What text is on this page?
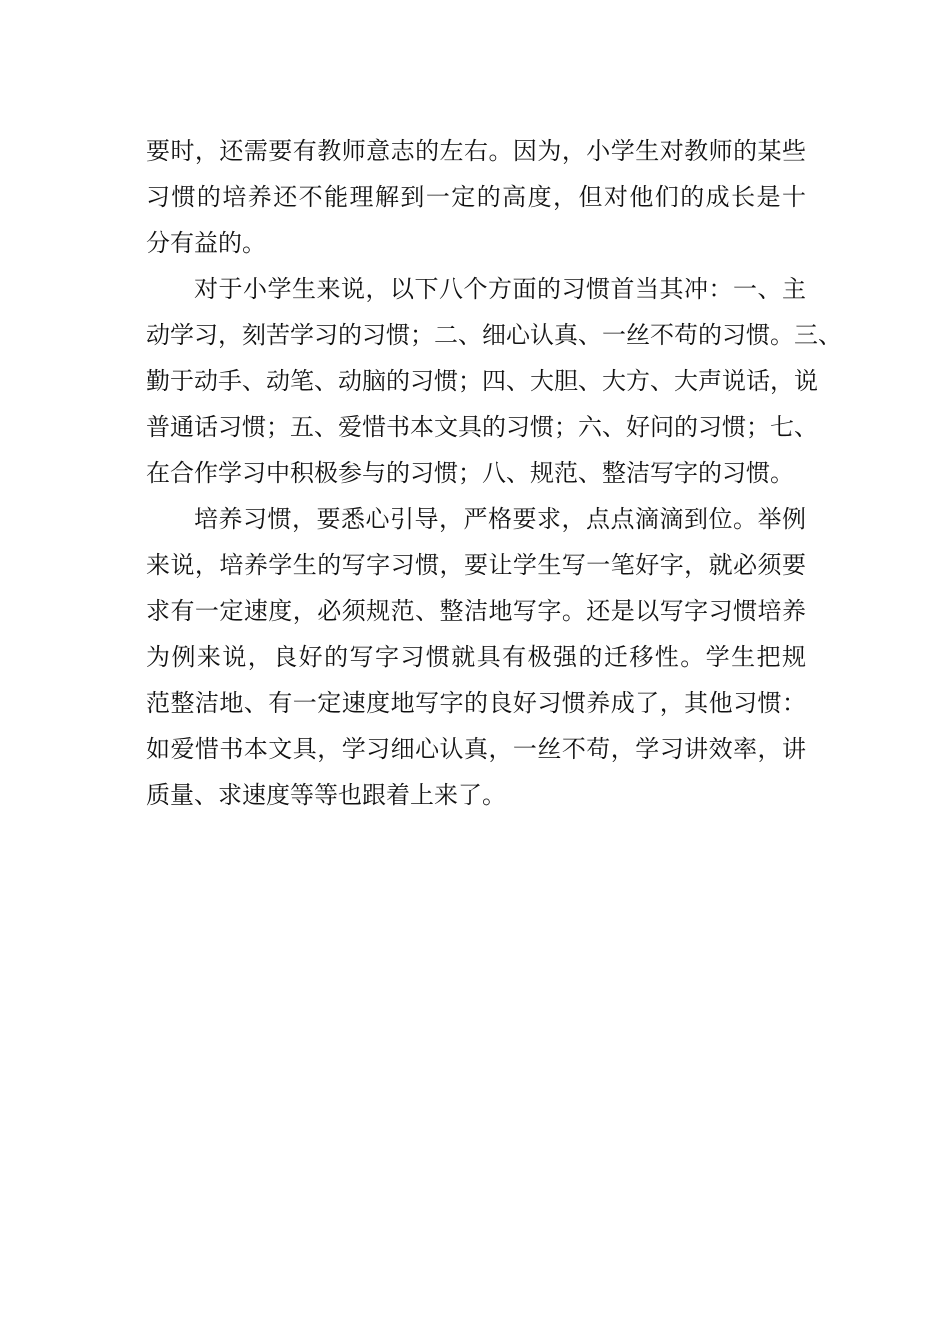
要时，还需要有教师意志的左右。因为，小学生对教师的某些
习惯的培养还不能理解到一定的高度，但对他们的成长是十
分有益的。
对于小学生来说，以下八个方面的习惯首当其冲：一、主
动学习，刻苦学习的习惯；二、细心认真、一丝不苟的习惯。三、
勤于动手、动笔、动脑的习惯；四、大胆、大方、大声说话，说
普通话习惯；五、爱惜书本文具的习惯；六、好问的习惯；七、
在合作学习中积极参与的习惯；八、规范、整洁写字的习惯。
培养习惯，要悉心引导，严格要求，点点滴滴到位。举例
来说，培养学生的写字习惯，要让学生写一笔好字，就必须要
求有一定速度，必须规范、整洁地写字。还是以写字习惯培养
为例来说，良好的写字习惯就具有极强的迁移性。学生把规
范整洁地、有一定速度地写字的良好习惯养成了，其他习惯：
如爱惜书本文具，学习细心认真，一丝不苟，学习讲效率，讲
质量、求速度等等也跟着上来了。
